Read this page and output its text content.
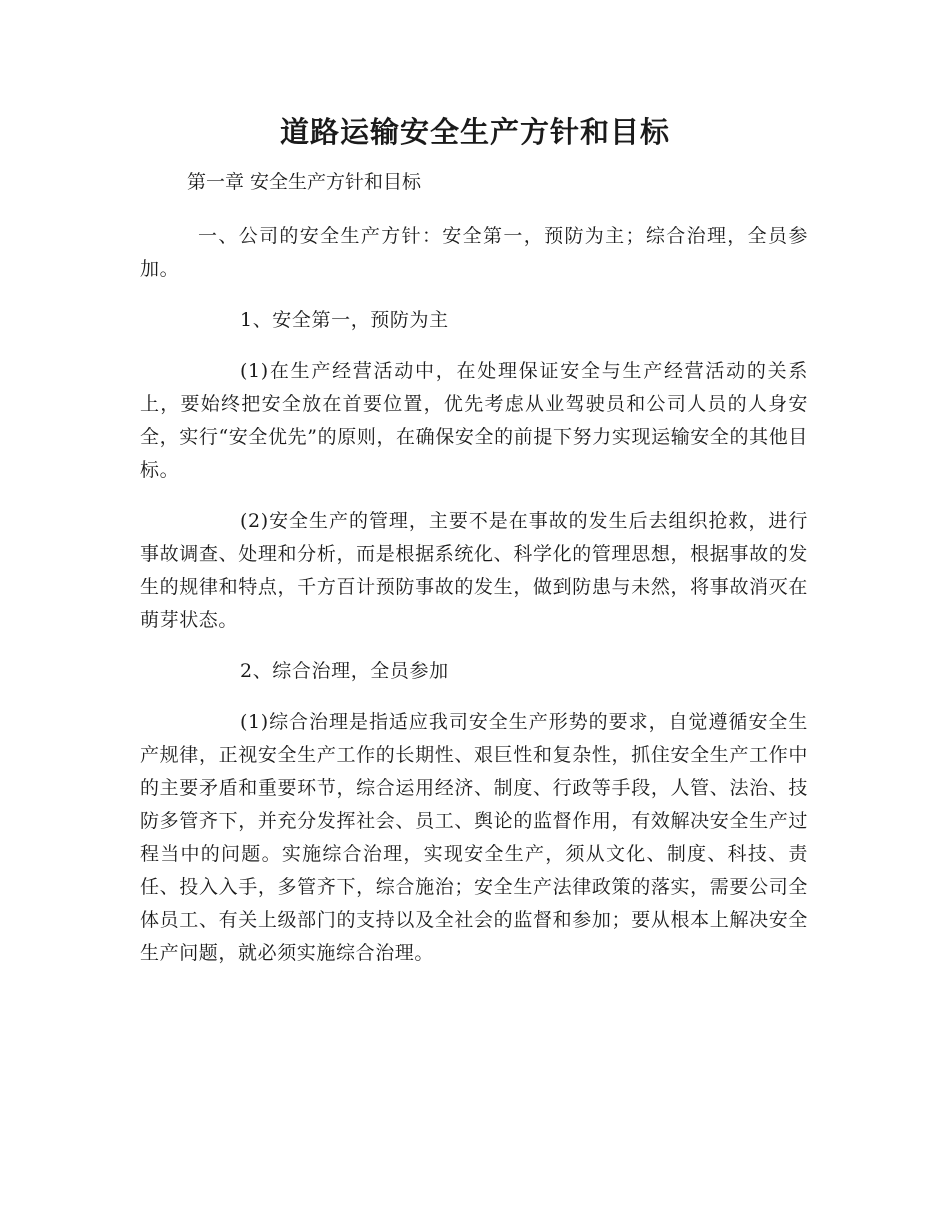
道路运输安全生产方针和目标

第一章 安全生产方针和目标

一、公司的安全生产方针：安全第一，预防为主；综合治理，全员参加。

1、安全第一，预防为主

(1)在生产经营活动中，在处理保证安全与生产经营活动的关系上，要始终把安全放在首要位置，优先考虑从业驾驶员和公司人员的人身安全，实行“安全优先”的原则，在确保安全的前提下努力实现运输安全的其他目标。

(2)安全生产的管理，主要不是在事故的发生后去组织抢救，进行事故调查、处理和分析，而是根据系统化、科学化的管理思想，根据事故的发生的规律和特点，千方百计预防事故的发生，做到防患与未然，将事故消灭在萌芽状态。

2、综合治理，全员参加

(1)综合治理是指适应我司安全生产形势的要求，自觉遵循安全生产规律，正视安全生产工作的长期性、艰巨性和复杂性，抓住安全生产工作中的主要矛盾和重要环节，综合运用经济、制度、行政等手段，人管、法治、技防多管齐下，并充分发挥社会、员工、舆论的监督作用，有效解决安全生产过程当中的问题。实施综合治理，实现安全生产，须从文化、制度、科技、责任、投入入手，多管齐下，综合施治；安全生产法律政策的落实，需要公司全体员工、有关上级部门的支持以及全社会的监督和参加；要从根本上解决安全生产问题，就必须实施综合治理。
